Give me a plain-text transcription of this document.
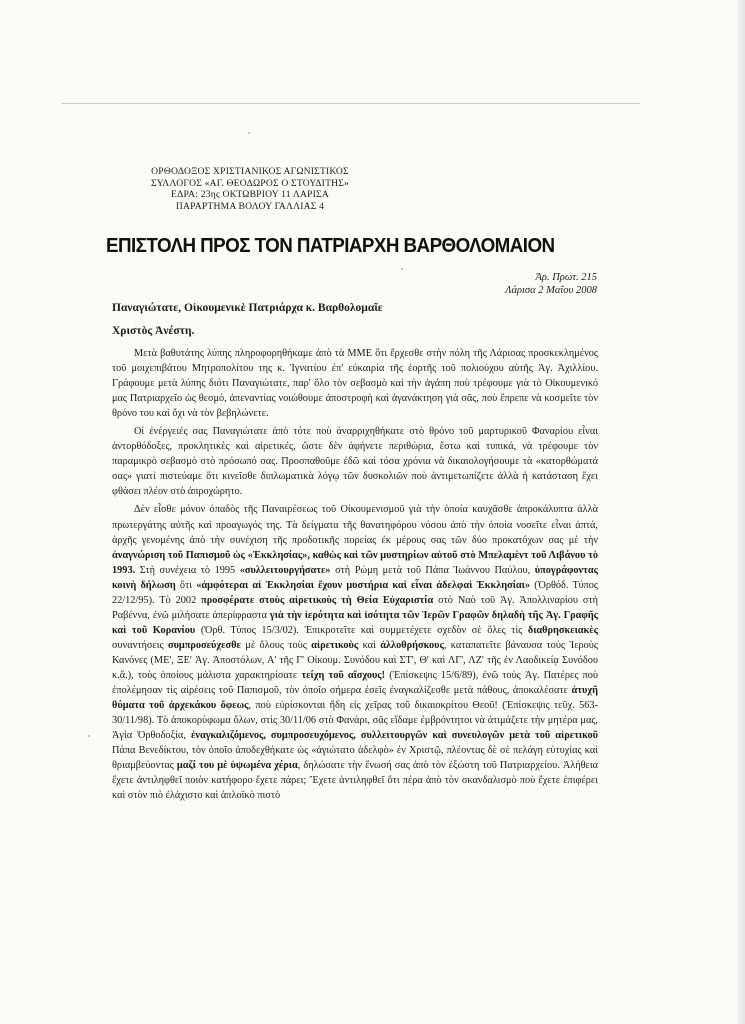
ΟΡΘΟΔΟΞΟΣ ΧΡΙΣΤΙΑΝΙΚΟΣ ΑΓΩΝΙΣΤΙΚΟΣ
ΣΥΛΛΟΓΟΣ «ΑΓ. ΘΕΟΔΩΡΟΣ Ο ΣΤΟΥΔΙΤΗΣ»
ΕΔΡΑ: 23ης ΟΚΤΩΒΡΙΟΥ 11 ΛΑΡΙΣΑ
ΠΑΡΑΡΤΗΜΑ ΒΟΛΟΥ ΓΑΛΛΙΑΣ 4
ΕΠΙΣΤΟΛΗ ΠΡΟΣ ΤΟΝ ΠΑΤΡΙΑΡΧΗ ΒΑΡΘΟΛΟΜΑΙΟΝ
Ἀρ. Πρωτ. 215
Λάρισα 2 Μαΐου 2008
Παναγιώτατε, Οἰκουμενικὲ Πατριάρχα κ. Βαρθολομαῖε
Χριστὸς Ἀνέστη.

Μετὰ βαθυτάτης λύπης πληροφορηθήκαμε ἀπὸ τὰ ΜΜΕ ὅτι ἔρχεσθε στὴν πόλη τῆς Λάρισας προσκεκλημένος τοῦ μοιχεπιβάτου Μητροπολίτου της κ. Ἰγνατίου ἐπ' εὐκαιρία τῆς ἑορτῆς τοῦ πολιούχου αὐτῆς Ἁγ. Ἀχιλλίου. Γράφουμε μετὰ λύπης διότι Παναγιώτατε, παρ' ὅλο τὸν σεβασμὸ καὶ τὴν ἀγάπη ποὺ τρέφουμε γιὰ τὸ Οἰκουμενικό μας Πατριαρχεῖο ὡς θεσμό, ἀπεναντίας νοιώθουμε ἀποστροφὴ καὶ ἀγανάκτηση γιὰ σᾶς, ποὺ ἔπρεπε νὰ κοσμεῖτε τὸν θρόνο του καὶ ὄχι νὰ τὸν βεβηλώνετε.

Οἱ ἐνέργειές σας Παναγιώτατε ἀπὸ τότε ποὺ ἀναρριχηθήκατε στὸ θρόνο τοῦ μαρτυρικοῦ Φαναρίου εἶναι ἀντορθόδοξες, προκλητικὲς καὶ αἱρετικές, ὥστε δὲν ἀφήνετε περιθώρια, ἔστω καὶ τυπικά, νὰ τρέφουμε τὸν παραμικρὸ σεβασμὸ στὸ πρόσωπό σας. Προσπαθοῦμε ἐδῶ καὶ τόσα χρόνια νὰ δικαιολογήσουμε τὰ «κατορθώματά σας» γιατὶ πιστεύαμε ὅτι κινεῖσθε διπλωματικὰ λόγῳ τῶν δυσκολιῶν ποὺ ἀντιμετωπίζετε ἀλλὰ ἡ κατάσταση ἔχει φθάσει πλέον στὸ ἀπροχώρητο.

Δὲν εἶσθε μόνον ὀπαδὸς τῆς Παναιρέσεως τοῦ Οἰκουμενισμοῦ γιὰ τὴν ὁποία καυχᾶσθε ἀπροκάλυπτα ἀλλὰ πρωτεργάτης αὐτῆς καὶ προαγωγός της. Τὰ δείγματα τῆς θανατηφόρου νόσου ἀπὸ τὴν ὁποία νοσεῖτε εἶναι ἀπτά, ἀρχῆς γενομένης ἀπὸ τὴν συνέχιση τῆς προδοτικῆς πορείας ἐκ μέρους σας τῶν δύο προκατόχων σας μὲ τὴν ἀναγνώριση τοῦ Παπισμοῦ ὡς «Ἐκκλησίας», καθὼς καὶ τῶν μυστηρίων αὐτοῦ στὸ Μπελαμὲντ τοῦ Λιβάνου τὸ 1993. Στὴ συνέχεια τὸ 1995 «συλλειτουργήσατε» στὴ Ρώμη μετὰ τοῦ Πάπα Ἰωάννου Παύλου, ὑπογράφοντας κοινὴ δήλωση ὅτι «ἀμφότεραι αἱ Ἐκκλησίαι ἔχουν μυστήρια καὶ εἶναι ἀδελφαὶ Ἐκκλησίαι» (Ὀρθόδ. Τύπος 22/12/95). Τὸ 2002 προσφέρατε στοὺς αἱρετικοὺς τὴ Θεία Εὐχαριστία στὸ Ναὸ τοῦ Ἁγ. Ἀπολλιναρίου στὴ Ραβέννα, ἐνῶ μιλήσατε ἀπερίφραστα γιὰ τὴν ἱερότητα καὶ ἰσότητα τῶν Ἱερῶν Γραφῶν δηλαδὴ τῆς Ἁγ. Γραφῆς καὶ τοῦ Κορανίου (Ὀρθ. Τύπος 15/3/02). Ἐπικροτεῖτε καὶ συμμετέχετε σχεδὸν σὲ ὅλες τὶς διαθρησκειακὲς συναντήσεις συμπροσεύχεσθε μὲ ὅλους τοὺς αἱρετικοὺς καὶ ἀλλοθρήσκους, καταπατεῖτε βάναυσα τοὺς Ἱεροὺς Κανόνες (ΜΕ', ΞΕ' Ἁγ. Ἀποστόλων, Α' τῆς Γ' Οἰκουμ. Συνόδου καὶ ΣΤ', Θ' καὶ ΛΓ', ΛΖ' τῆς ἐν Λαοδικείᾳ Συνόδου κ.ἄ.), τοὺς ὁποίους μάλιστα χαρακτηρίσατε τείχη τοῦ αἴσχους! (Ἐπίσκεψις 15/6/89), ἐνῶ τοὺς Ἁγ. Πατέρες ποὺ ἐπολέμησαν τὶς αἱρέσεις τοῦ Παπισμοῦ, τὸν ὁποῖο σήμερα ἐσεῖς ἐναγκαλίζεσθε μετὰ πάθους, ἀποκαλέσατε ἀτυχῆ θύματα τοῦ ἀρχεκάκου ὄφεως, ποὺ εὑρίσκονται ἤδη εἰς χεῖρας τοῦ δικαιοκρίτου Θεοῦ! (Ἐπίσκεψις τεῦχ. 563-30/11/98). Τὸ ἀποκορύφωμα ὅλων, στὶς 30/11/06 στὸ Φανάρι, σᾶς εἴδαμε ἐμβρόντητοι νὰ ἀτιμάζετε τὴν μητέρα μας, Ἁγία Ὀρθοδοξία, ἐναγκαλιζόμενος, συμπροσευχόμενος, συλλειτουργῶν καὶ συνευλογῶν μετὰ τοῦ αἱρετικοῦ Πάπα Βενεδίκτου, τὸν ὁποῖο ἀποδεχθήκατε ὡς «ἁγιώτατο ἀδελφὸ» ἐν Χριστῷ, πλέοντας δὲ σὲ πελάγη εὐτυχίας καὶ θριαμβεύοντας μαζί του μὲ ὑψωμένα χέρια, δηλώσατε τὴν ἕνωσή σας ἀπὸ τὸν ἐξώστη τοῦ Πατριαρχείου. Ἀλήθεια ἔχετε ἀντιληφθεῖ ποιὸν κατήφορο ἔχετε πάρει; Ἔχετε ἀντιληφθεῖ ὅτι πέρα ἀπὸ τὸν σκανδαλισμὸ ποὺ ἔχετε ἐπιφέρει καὶ στὸν πιὸ ἐλάχιστο καὶ ἀπλοϊκὸ πιστὸ
